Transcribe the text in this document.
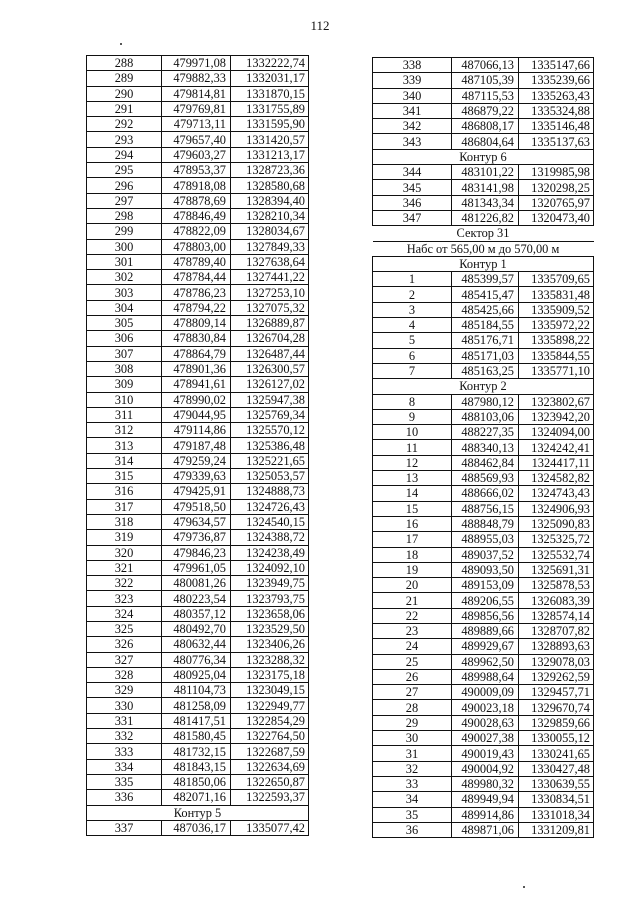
112
288	479971,08	1332222,74
289	479882,33	1332031,17
290	479814,81	1331870,15
291	479769,81	1331755,89
292	479713,11	1331595,90
293	479657,40	1331420,57
294	479603,27	1331213,17
295	478953,37	1328723,36
296	478918,08	1328580,68
297	478878,69	1328394,40
298	478846,49	1328210,34
299	478822,09	1328034,67
300	478803,00	1327849,33
301	478789,40	1327638,64
302	478784,44	1327441,22
303	478786,23	1327253,10
304	478794,22	1327075,32
305	478809,14	1326889,87
306	478830,84	1326704,28
307	478864,79	1326487,44
308	478901,36	1326300,57
309	478941,61	1326127,02
310	478990,02	1325947,38
311	479044,95	1325769,34
312	479114,86	1325570,12
313	479187,48	1325386,48
314	479259,24	1325221,65
315	479339,63	1325053,57
316	479425,91	1324888,73
317	479518,50	1324726,43
318	479634,57	1324540,15
319	479736,87	1324388,72
320	479846,23	1324238,49
321	479961,05	1324092,10
322	480081,26	1323949,75
323	480223,54	1323793,75
324	480357,12	1323658,06
325	480492,70	1323529,50
326	480632,44	1323406,26
327	480776,34	1323288,32
328	480925,04	1323175,18
329	481104,73	1323049,15
330	481258,09	1322949,77
331	481417,51	1322854,29
332	481580,45	1322764,50
333	481732,15	1322687,59
334	481843,15	1322634,69
335	481850,06	1322650,87
336	482071,16	1322593,37
Контур 5		
337	487036,17	1335077,42
338	487066,13	1335147,66
339	487105,39	1335239,66
340	487115,53	1335263,43
341	486879,22	1335324,88
342	486808,17	1335146,48
343	486804,64	1335137,63
Контур 6		
344	483101,22	1319985,98
345	483141,98	1320298,25
346	481343,34	1320765,97
347	481226,82	1320473,40
Сектор 31		
Набс от 565,00 м до 570,00 м		
Контур 1		
1	485399,57	1335709,65
2	485415,47	1335831,48
3	485425,66	1335909,52
4	485184,55	1335972,22
5	485176,71	1335898,22
6	485171,03	1335844,55
7	485163,25	1335771,10
Контур 2		
8	487980,12	1323802,67
9	488103,06	1323942,20
10	488227,35	1324094,00
11	488340,13	1324242,41
12	488462,84	1324417,11
13	488569,93	1324582,82
14	488666,02	1324743,43
15	488756,15	1324906,93
16	488848,79	1325090,83
17	488955,03	1325325,72
18	489037,52	1325532,74
19	489093,50	1325691,31
20	489153,09	1325878,53
21	489206,55	1326083,39
22	489856,56	1328574,14
23	489889,66	1328707,82
24	489929,67	1328893,63
25	489962,50	1329078,03
26	489988,64	1329262,59
27	490009,09	1329457,71
28	490023,18	1329670,74
29	490028,63	1329859,66
30	490027,38	1330055,12
31	490019,43	1330241,65
32	490004,92	1330427,48
33	489980,32	1330639,55
34	489949,94	1330834,51
35	489914,86	1331018,34
36	489871,06	1331209,81
